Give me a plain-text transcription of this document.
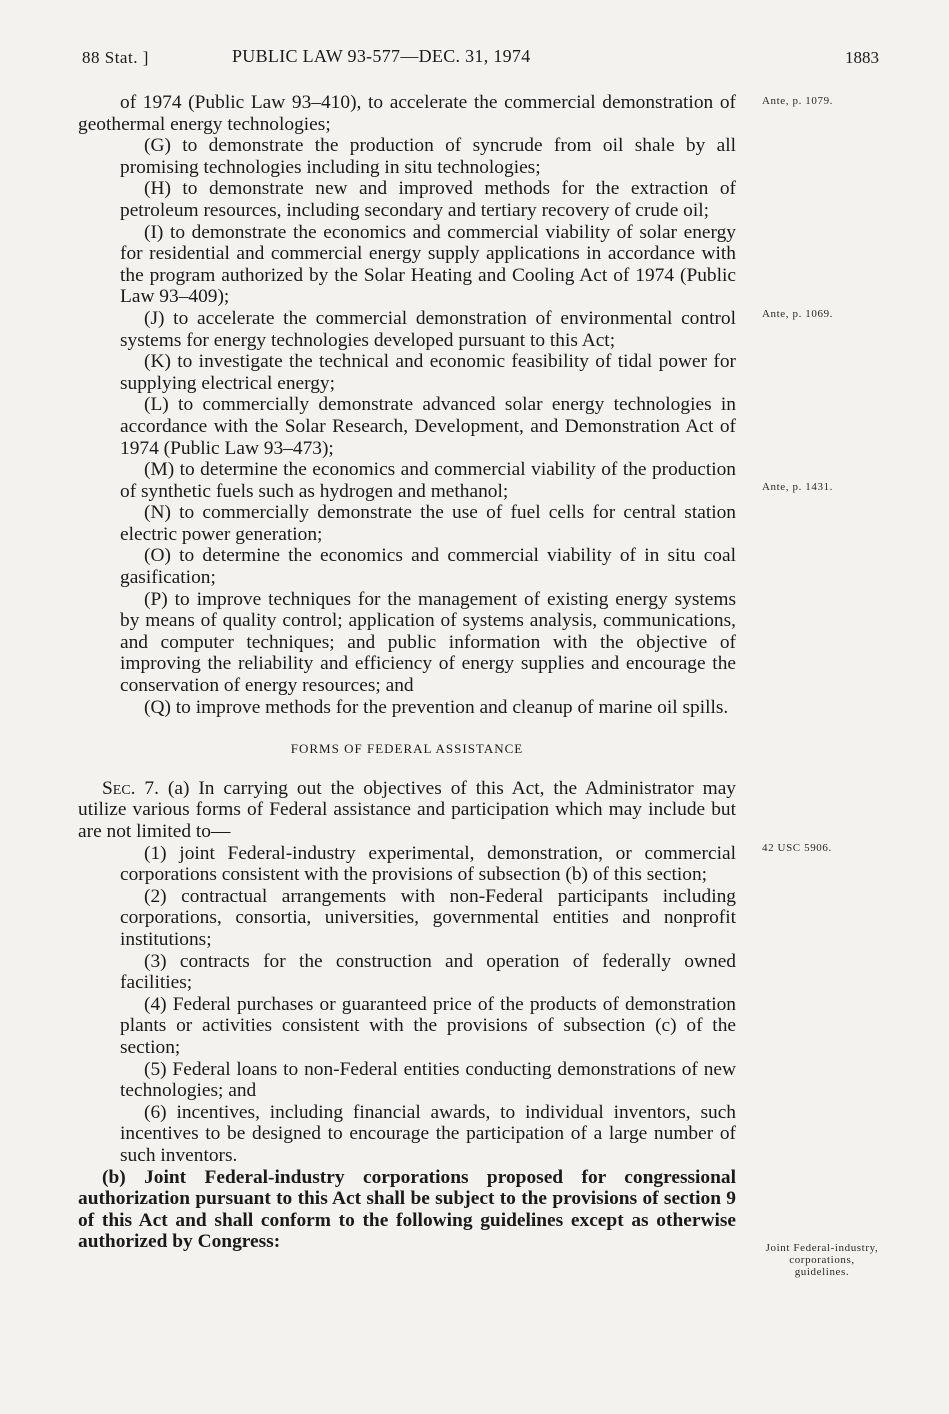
88 Stat. ]	PUBLIC LAW 93-577—DEC. 31, 1974	1883

of 1974 (Public Law 93–410), to accelerate the commercial demonstration of geothermal energy technologies;

(G) to demonstrate the production of syncrude from oil shale by all promising technologies including in situ technologies;

(H) to demonstrate new and improved methods for the extraction of petroleum resources, including secondary and tertiary recovery of crude oil;

(I) to demonstrate the economics and commercial viability of solar energy for residential and commercial energy supply applications in accordance with the program authorized by the Solar Heating and Cooling Act of 1974 (Public Law 93–409);

(J) to accelerate the commercial demonstration of environmental control systems for energy technologies developed pursuant to this Act;

(K) to investigate the technical and economic feasibility of tidal power for supplying electrical energy;

(L) to commercially demonstrate advanced solar energy technologies in accordance with the Solar Research, Development, and Demonstration Act of 1974 (Public Law 93–473);

(M) to determine the economics and commercial viability of the production of synthetic fuels such as hydrogen and methanol;

(N) to commercially demonstrate the use of fuel cells for central station electric power generation;

(O) to determine the economics and commercial viability of in situ coal gasification;

(P) to improve techniques for the management of existing energy systems by means of quality control; application of systems analysis, communications, and computer techniques; and public information with the objective of improving the reliability and efficiency of energy supplies and encourage the conservation of energy resources; and

(Q) to improve methods for the prevention and cleanup of marine oil spills.

FORMS OF FEDERAL ASSISTANCE

Sec. 7. (a) In carrying out the objectives of this Act, the Administrator may utilize various forms of Federal assistance and participation which may include but are not limited to—

(1) joint Federal-industry experimental, demonstration, or commercial corporations consistent with the provisions of subsection (b) of this section;

(2) contractual arrangements with non-Federal participants including corporations, consortia, universities, governmental entities and nonprofit institutions;

(3) contracts for the construction and operation of federally owned facilities;

(4) Federal purchases or guaranteed price of the products of demonstration plants or activities consistent with the provisions of subsection (c) of the section;

(5) Federal loans to non-Federal entities conducting demonstrations of new technologies; and

(6) incentives, including financial awards, to individual inventors, such incentives to be designed to encourage the participation of a large number of such inventors.

(b) Joint Federal-industry corporations proposed for congressional authorization pursuant to this Act shall be subject to the provisions of section 9 of this Act and shall conform to the following guidelines except as otherwise authorized by Congress:

Ante, p. 1079.
Ante, p. 1069.
Ante, p. 1431.
42 USC 5906.
Joint Federal-industry, corporations, guidelines.
